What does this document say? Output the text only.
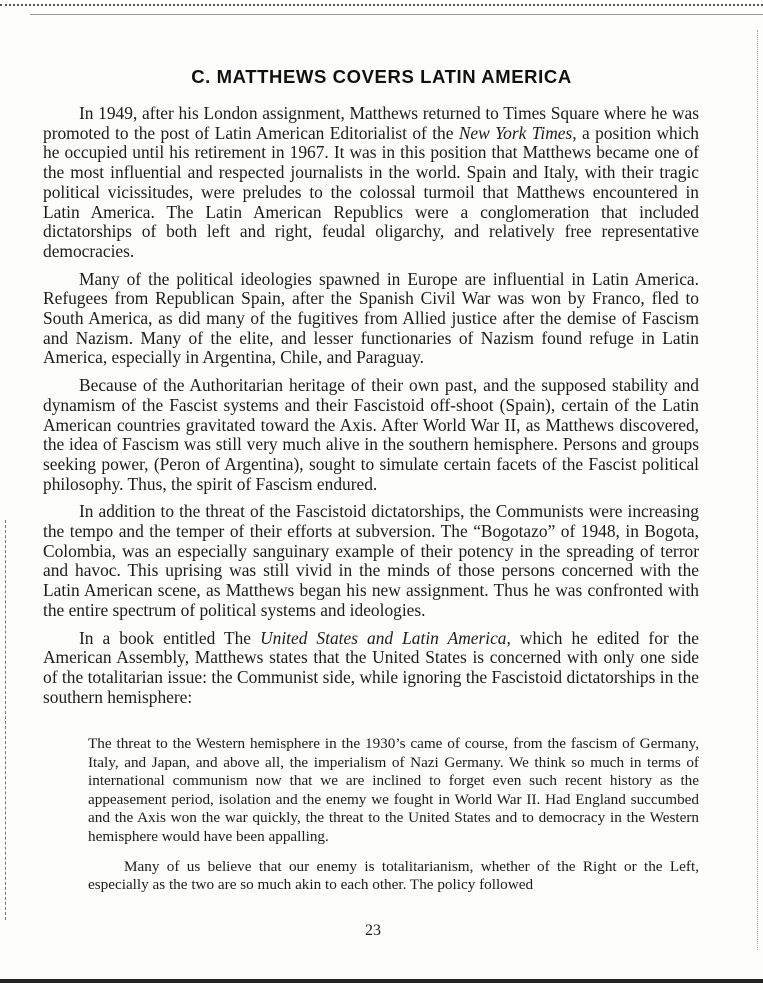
C. MATTHEWS COVERS LATIN AMERICA

In 1949, after his London assignment, Matthews returned to Times Square where he was promoted to the post of Latin American Editorialist of the New York Times, a position which he occupied until his retirement in 1967. It was in this position that Matthews became one of the most influential and respected journalists in the world. Spain and Italy, with their tragic political vicissitudes, were preludes to the colossal turmoil that Matthews encountered in Latin America. The Latin American Republics were a conglomeration that included dictatorships of both left and right, feudal oligarchy, and relatively free representative democracies.

Many of the political ideologies spawned in Europe are influential in Latin America. Refugees from Republican Spain, after the Spanish Civil War was won by Franco, fled to South America, as did many of the fugitives from Allied justice after the demise of Fascism and Nazism. Many of the elite, and lesser functionaries of Nazism found refuge in Latin America, especially in Argentina, Chile, and Paraguay.

Because of the Authoritarian heritage of their own past, and the supposed stability and dynamism of the Fascist systems and their Fascistoid off-shoot (Spain), certain of the Latin American countries gravitated toward the Axis. After World War II, as Matthews discovered, the idea of Fascism was still very much alive in the southern hemisphere. Persons and groups seeking power, (Peron of Argentina), sought to simulate certain facets of the Fascist political philosophy. Thus, the spirit of Fascism endured.

In addition to the threat of the Fascistoid dictatorships, the Communists were increasing the tempo and the temper of their efforts at subversion. The “Bogotazo” of 1948, in Bogota, Colombia, was an especially sanguinary example of their potency in the spreading of terror and havoc. This uprising was still vivid in the minds of those persons concerned with the Latin American scene, as Matthews began his new assignment. Thus he was confronted with the entire spectrum of political systems and ideologies.

In a book entitled The United States and Latin America, which he edited for the American Assembly, Matthews states that the United States is concerned with only one side of the totalitarian issue: the Communist side, while ignoring the Fascistoid dictatorships in the southern hemisphere:

The threat to the Western hemisphere in the 1930’s came of course, from the fascism of Germany, Italy, and Japan, and above all, the imperialism of Nazi Germany. We think so much in terms of international communism now that we are inclined to forget even such recent history as the appeasement period, isolation and the enemy we fought in World War II. Had England succumbed and the Axis won the war quickly, the threat to the United States and to democracy in the Western hemisphere would have been appalling.

Many of us believe that our enemy is totalitarianism, whether of the Right or the Left, especially as the two are so much akin to each other. The policy followed

23
